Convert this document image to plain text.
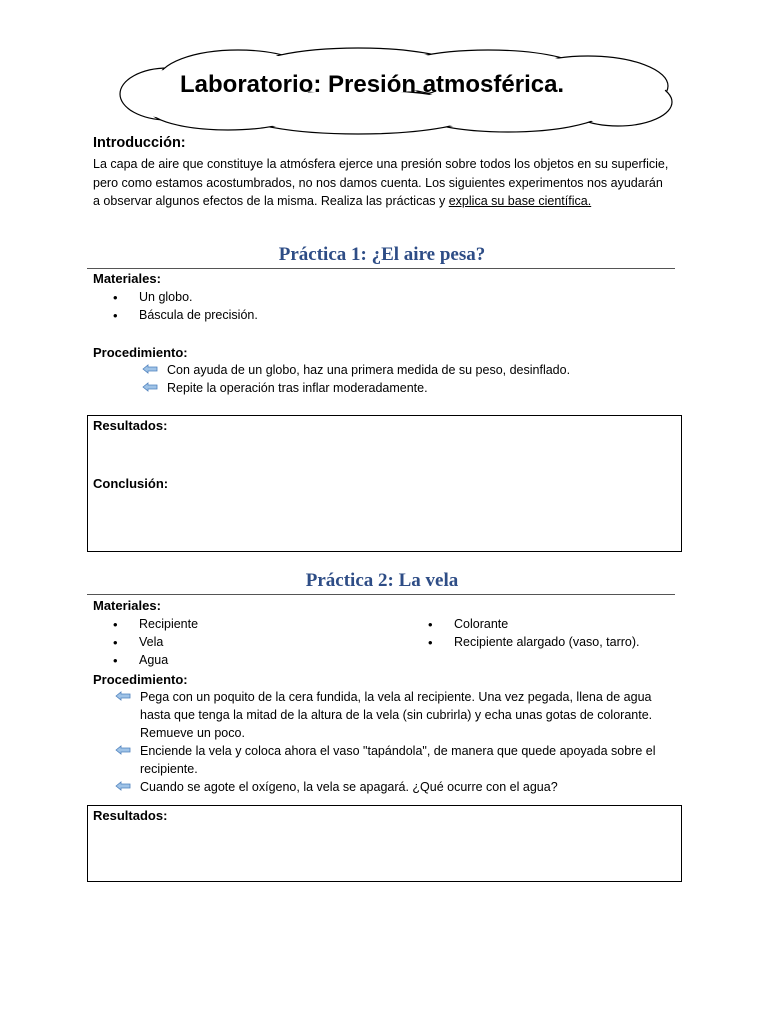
Laboratorio: Presión atmosférica.
Introducción:
La capa de aire que constituye la atmósfera ejerce una presión sobre todos los objetos en su superficie, pero como estamos acostumbrados, no nos damos cuenta. Los siguientes experimentos nos ayudarán a observar algunos efectos de la misma. Realiza las prácticas y explica su base científica.
Práctica 1: ¿El aire pesa?
Materiales:
• Un globo.
• Báscula de precisión.
Procedimiento:
Con ayuda de un globo, haz una primera medida de su peso, desinflado.
Repite la operación tras inflar moderadamente.
Resultados:
Conclusión:
Práctica 2: La vela
Materiales:
• Recipiente
• Vela
• Agua
• Colorante
• Recipiente alargado (vaso, tarro).
Procedimiento:
Pega con un poquito de la cera fundida, la vela al recipiente. Una vez pegada, llena de agua hasta que tenga la mitad de la altura de la vela (sin cubrirla) y echa unas gotas de colorante. Remueve un poco.
Enciende la vela y coloca ahora el vaso "tapándola", de manera que quede apoyada sobre el recipiente.
Cuando se agote el oxígeno, la vela se apagará. ¿Qué ocurre con el agua?
Resultados:
